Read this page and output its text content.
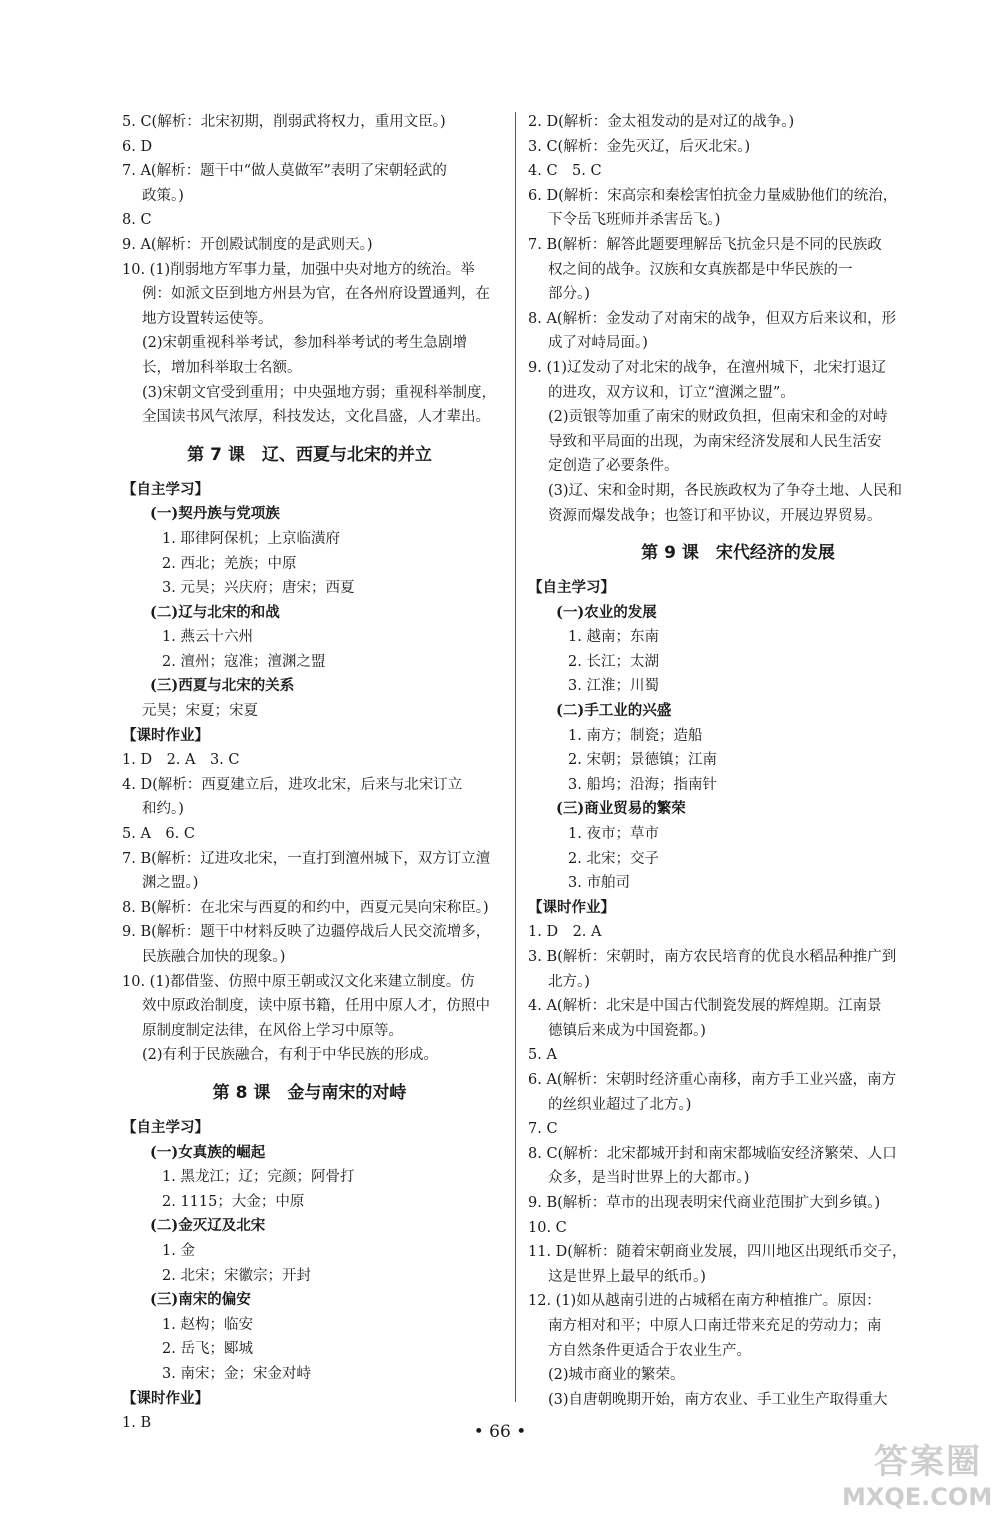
5. C(解析：北宋初期，削弱武将权力，重用文臣。)
6. D
7. A(解析：题干中“做人莫做军”表明了宋朝轻武的
政策。)
8. C
9. A(解析：开创殿试制度的是武则天。)
10. (1)削弱地方军事力量，加强中央对地方的统治。举
例：如派文臣到地方州县为官，在各州府设置通判，在
地方设置转运使等。
(2)宋朝重视科举考试，参加科举考试的考生急剧增
长，增加科举取士名额。
(3)宋朝文官受到重用；中央强地方弱；重视科举制度，
全国读书风气浓厚，科技发达，文化昌盛，人才辈出。
第 7 课　辽、西夏与北宋的并立
【自主学习】
(一)契丹族与党项族
1. 耶律阿保机；上京临潢府
2. 西北；羌族；中原
3. 元昊；兴庆府；唐宋；西夏
(二)辽与北宋的和战
1. 燕云十六州
2. 澶州；寇准；澶渊之盟
(三)西夏与北宋的关系
元昊；宋夏；宋夏
【课时作业】
1. D　2. A　3. C
4. D(解析：西夏建立后，进攻北宋，后来与北宋订立
和约。)
5. A　6. C
7. B(解析：辽进攻北宋，一直打到澶州城下，双方订立澶
渊之盟。)
8. B(解析：在北宋与西夏的和约中，西夏元昊向宋称臣。)
9. B(解析：题干中材料反映了边疆停战后人民交流增多，
民族融合加快的现象。)
10. (1)都借鉴、仿照中原王朝或汉文化来建立制度。仿
效中原政治制度，读中原书籍，任用中原人才，仿照中
原制度制定法律，在风俗上学习中原等。
(2)有利于民族融合，有利于中华民族的形成。
第 8 课　金与南宋的对峙
【自主学习】
(一)女真族的崛起
1. 黑龙江；辽；完颜；阿骨打
2. 1115；大金；中原
(二)金灭辽及北宋
1. 金
2. 北宋；宋徽宗；开封
(三)南宋的偏安
1. 赵构；临安
2. 岳飞；郾城
3. 南宋；金；宋金对峙
【课时作业】
1. B
2. D(解析：金太祖发动的是对辽的战争。)
3. C(解析：金先灭辽，后灭北宋。)
4. C　5. C
6. D(解析：宋高宗和秦桧害怕抗金力量威胁他们的统治，
下令岳飞班师并杀害岳飞。)
7. B(解析：解答此题要理解岳飞抗金只是不同的民族政
权之间的战争。汉族和女真族都是中华民族的一
部分。)
8. A(解析：金发动了对南宋的战争，但双方后来议和，形
成了对峙局面。)
9. (1)辽发动了对北宋的战争，在澶州城下，北宋打退辽
的进攻，双方议和，订立“澶渊之盟”。
(2)贡银等加重了南宋的财政负担，但南宋和金的对峙
导致和平局面的出现，为南宋经济发展和人民生活安
定创造了必要条件。
(3)辽、宋和金时期，各民族政权为了争夺土地、人民和
资源而爆发战争；也签订和平协议，开展边界贸易。
第 9 课　宋代经济的发展
【自主学习】
(一)农业的发展
1. 越南；东南
2. 长江；太湖
3. 江淮；川蜀
(二)手工业的兴盛
1. 南方；制瓷；造船
2. 宋朝；景德镇；江南
3. 船坞；沿海；指南针
(三)商业贸易的繁荣
1. 夜市；草市
2. 北宋；交子
3. 市舶司
【课时作业】
1. D　2. A
3. B(解析：宋朝时，南方农民培育的优良水稻品种推广到
北方。)
4. A(解析：北宋是中国古代制瓷发展的辉煌期。江南景
德镇后来成为中国瓷都。)
5. A
6. A(解析：宋朝时经济重心南移，南方手工业兴盛，南方
的丝织业超过了北方。)
7. C
8. C(解析：北宋都城开封和南宋都城临安经济繁荣、人口
众多，是当时世界上的大都市。)
9. B(解析：草市的出现表明宋代商业范围扩大到乡镇。)
10. C
11. D(解析：随着宋朝商业发展，四川地区出现纸币交子，
这是世界上最早的纸币。)
12. (1)如从越南引进的占城稻在南方种植推广。原因：
南方相对和平；中原人口南迁带来充足的劳动力；南
方自然条件更适合于农业生产。
(2)城市商业的繁荣。
(3)自唐朝晚期开始，南方农业、手工业生产取得重大
• 66 •
答案圈
MXQE.COM
